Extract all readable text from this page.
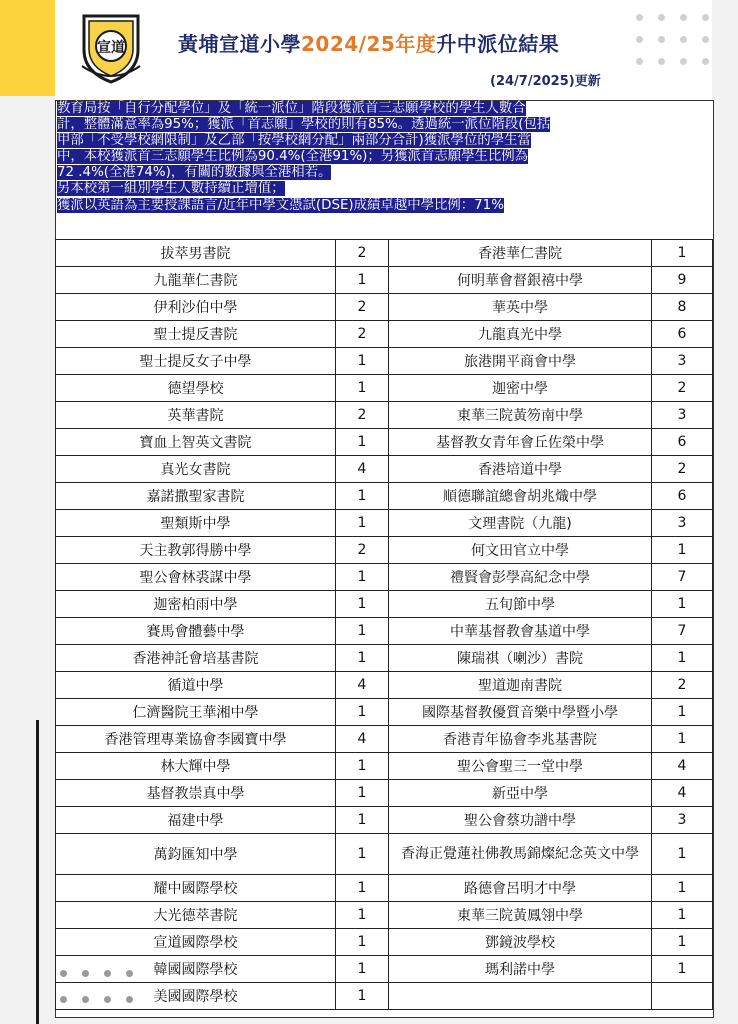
宣道	黃埔宣道小學2024/25年度升中派位結果
(24/7/2025)更新
教育局按「自行分配學位」及「統一派位」階段獲派首三志願學校的學生人數合
計，整體滿意率為95%；獲派「首志願」學校的則有85%。透過統一派位階段(包括
甲部「不受學校網限制」及乙部「按學校網分配」兩部分合計)獲派學位的學生當
中，本校獲派首三志願學生比例為90.4%(全港91%)；另獲派首志願學生比例為
72 .4%(全港74%)，有關的數據與全港相若。
另本校第一組別學生人數持續正增值；
獲派以英語為主要授課語言/近年中學文憑試(DSE)成績卓越中學比例：71%
拔萃男書院	2	香港華仁書院	1
九龍華仁書院	1	何明華會督銀禧中學	9
伊利沙伯中學	2	華英中學	8
聖士提反書院	2	九龍真光中學	6
聖士提反女子中學	1	旅港開平商會中學	3
德望學校	1	迦密中學	2
英華書院	2	東華三院黃笏南中學	3
寶血上智英文書院	1	基督教女青年會丘佐榮中學	6
真光女書院	4	香港培道中學	2
嘉諾撒聖家書院	1	順德聯誼總會胡兆熾中學	6
聖類斯中學	1	文理書院（九龍)	3
天主教郭得勝中學	2	何文田官立中學	1
聖公會林裘謀中學	1	禮賢會彭學高紀念中學	7
迦密柏雨中學	1	五旬節中學	1
賽馬會體藝中學	1	中華基督教會基道中學	7
香港神託會培基書院	1	陳瑞祺（喇沙）書院	1
循道中學	4	聖道迦南書院	2
仁濟醫院王華湘中學	1	國際基督教優質音樂中學暨小學	1
香港管理專業協會李國寶中學	4	香港青年協會李兆基書院	1
林大輝中學	1	聖公會聖三一堂中學	4
基督教崇真中學	1	新亞中學	4
福建中學	1	聖公會蔡功譜中學	3
萬鈞匯知中學	1	香海正覺蓮社佛教馬錦燦紀念英文中學	1
耀中國際學校	1	路德會呂明才中學	1
大光德萃書院	1	東華三院黃鳳翎中學	1
宣道國際學校	1	鄧鏡波學校	1
韓國國際學校	1	瑪利諾中學	1
美國國際學校	1		
